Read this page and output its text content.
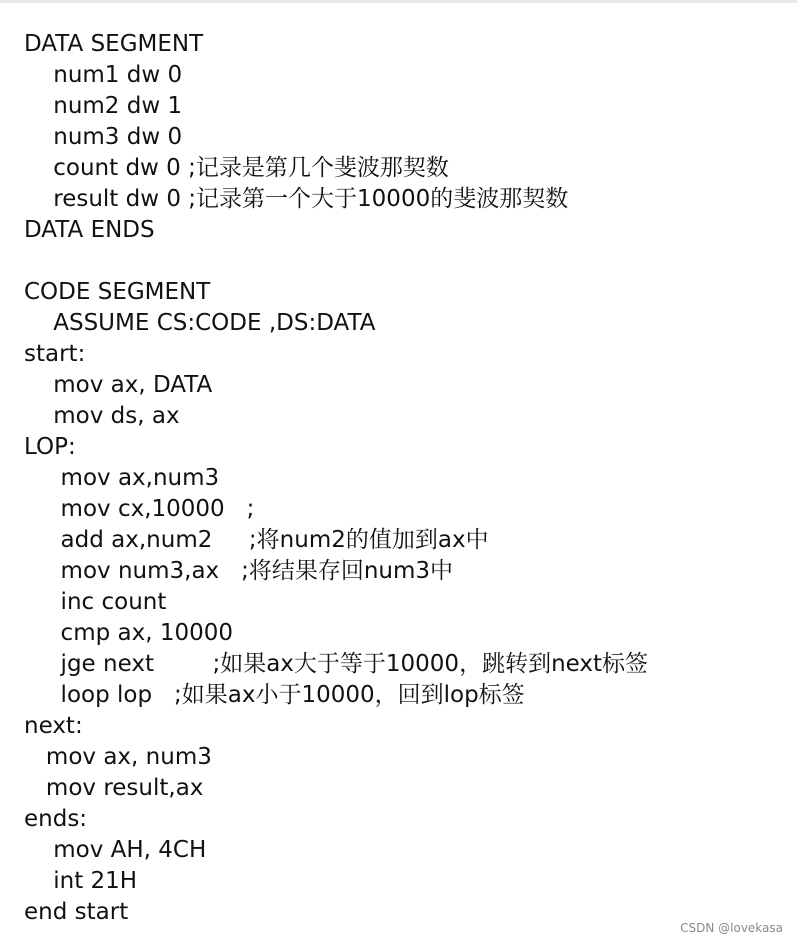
DATA SEGMENT
num1 dw 0
num2 dw 1
num3 dw 0
count dw 0 ;记录是第几个斐波那契数
result dw 0 ;记录第一个大于10000的斐波那契数
DATA ENDS
CODE SEGMENT
ASSUME CS:CODE ,DS:DATA
start:
mov ax, DATA
mov ds, ax
LOP:
mov ax,num3
mov cx,10000   ;
add ax,num2     ;将num2的值加到ax中
mov num3,ax   ;将结果存回num3中
inc count
cmp ax, 10000
jge next        ;如果ax大于等于10000，跳转到next标签
loop lop   ;如果ax小于10000，回到lop标签
next:
mov ax, num3
mov result,ax
ends:
mov AH, 4CH
int 21H
end start
CSDN @lovekasa
